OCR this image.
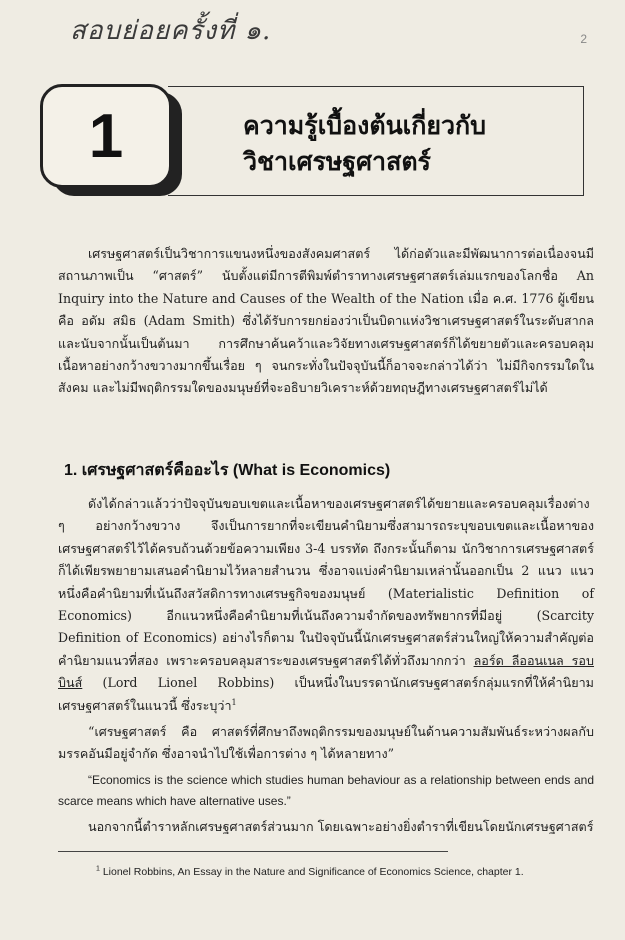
สอบย่อยครั้งที่ ๑.	2
1	ความรู้เบื้องต้นเกี่ยวกับ
วิชาเศรษฐศาสตร์

เศรษฐศาสตร์เป็นวิชาการแขนงหนึ่งของสังคมศาสตร์ ได้ก่อตัวและมีพัฒนาการต่อเนื่องจนมีสถานภาพเป็น “ศาสตร์” นับตั้งแต่มีการตีพิมพ์ตำราทางเศรษฐศาสตร์เล่มแรกของโลกชื่อ An Inquiry into the Nature and Causes of the Wealth of the Nation เมื่อ ค.ศ. 1776 ผู้เขียนคือ อดัม สมิธ (Adam Smith) ซึ่งได้รับการยกย่องว่าเป็นบิดาแห่งวิชาเศรษฐศาสตร์ในระดับสากล และนับจากนั้นเป็นต้นมา การศึกษาค้นคว้าและวิจัยทางเศรษฐศาสตร์ก็ได้ขยายตัวและครอบคลุมเนื้อหาอย่างกว้างขวางมากขึ้นเรื่อย ๆ จนกระทั่งในปัจจุบันนี้ก็อาจจะกล่าวได้ว่า ไม่มีกิจกรรมใดในสังคม และไม่มีพฤติกรรมใดของมนุษย์ที่จะอธิบายวิเคราะห์ด้วยทฤษฎีทางเศรษฐศาสตร์ไม่ได้

1. เศรษฐศาสตร์คืออะไร (What is Economics)

ดังได้กล่าวแล้วว่าปัจจุบันขอบเขตและเนื้อหาของเศรษฐศาสตร์ได้ขยายและครอบคลุมเรื่องต่าง ๆ อย่างกว้างขวาง จึงเป็นการยากที่จะเขียนคำนิยามซึ่งสามารถระบุขอบเขตและเนื้อหาของเศรษฐศาสตร์ไว้ได้ครบถ้วนด้วยข้อความเพียง 3-4 บรรทัด ถึงกระนั้นก็ตาม นักวิชาการเศรษฐศาสตร์ก็ได้เพียรพยายามเสนอคำนิยามไว้หลายสำนวน ซึ่งอาจแบ่งคำนิยามเหล่านั้นออกเป็น 2 แนว แนวหนึ่งคือคำนิยามที่เน้นถึงสวัสดิการทางเศรษฐกิจของมนุษย์ (Materialistic Definition of Economics) อีกแนวหนึ่งคือคำนิยามที่เน้นถึงความจำกัดของทรัพยากรที่มีอยู่ (Scarcity Definition of Economics) อย่างไรก็ตาม ในปัจจุบันนี้นักเศรษฐศาสตร์ส่วนใหญ่ให้ความสำคัญต่อคำนิยามแนวที่สอง เพราะครอบคลุมสาระของเศรษฐศาสตร์ได้ทั่วถึงมากกว่า ลอร์ด ลีออนเนล รอบบินส์ (Lord Lionel Robbins) เป็นหนึ่งในบรรดานักเศรษฐศาสตร์กลุ่มแรกที่ให้คำนิยามเศรษฐศาสตร์ในแนวนี้ ซึ่งระบุว่า$^1$

“เศรษฐศาสตร์ คือ ศาสตร์ที่ศึกษาถึงพฤติกรรมของมนุษย์ในด้านความสัมพันธ์ระหว่างผลกับมรรคอันมีอยู่จำกัด ซึ่งอาจนำไปใช้เพื่อการต่าง ๆ ได้หลายทาง”

“Economics is the science which studies human behaviour as a relationship between ends and scarce means which have alternative uses.”

นอกจากนี้ตำราหลักเศรษฐศาสตร์ส่วนมาก โดยเฉพาะอย่างยิ่งตำราที่เขียนโดยนักเศรษฐศาสตร์

$^1$ Lionel Robbins, An Essay in the Nature and Significance of Economics Science, chapter 1.
